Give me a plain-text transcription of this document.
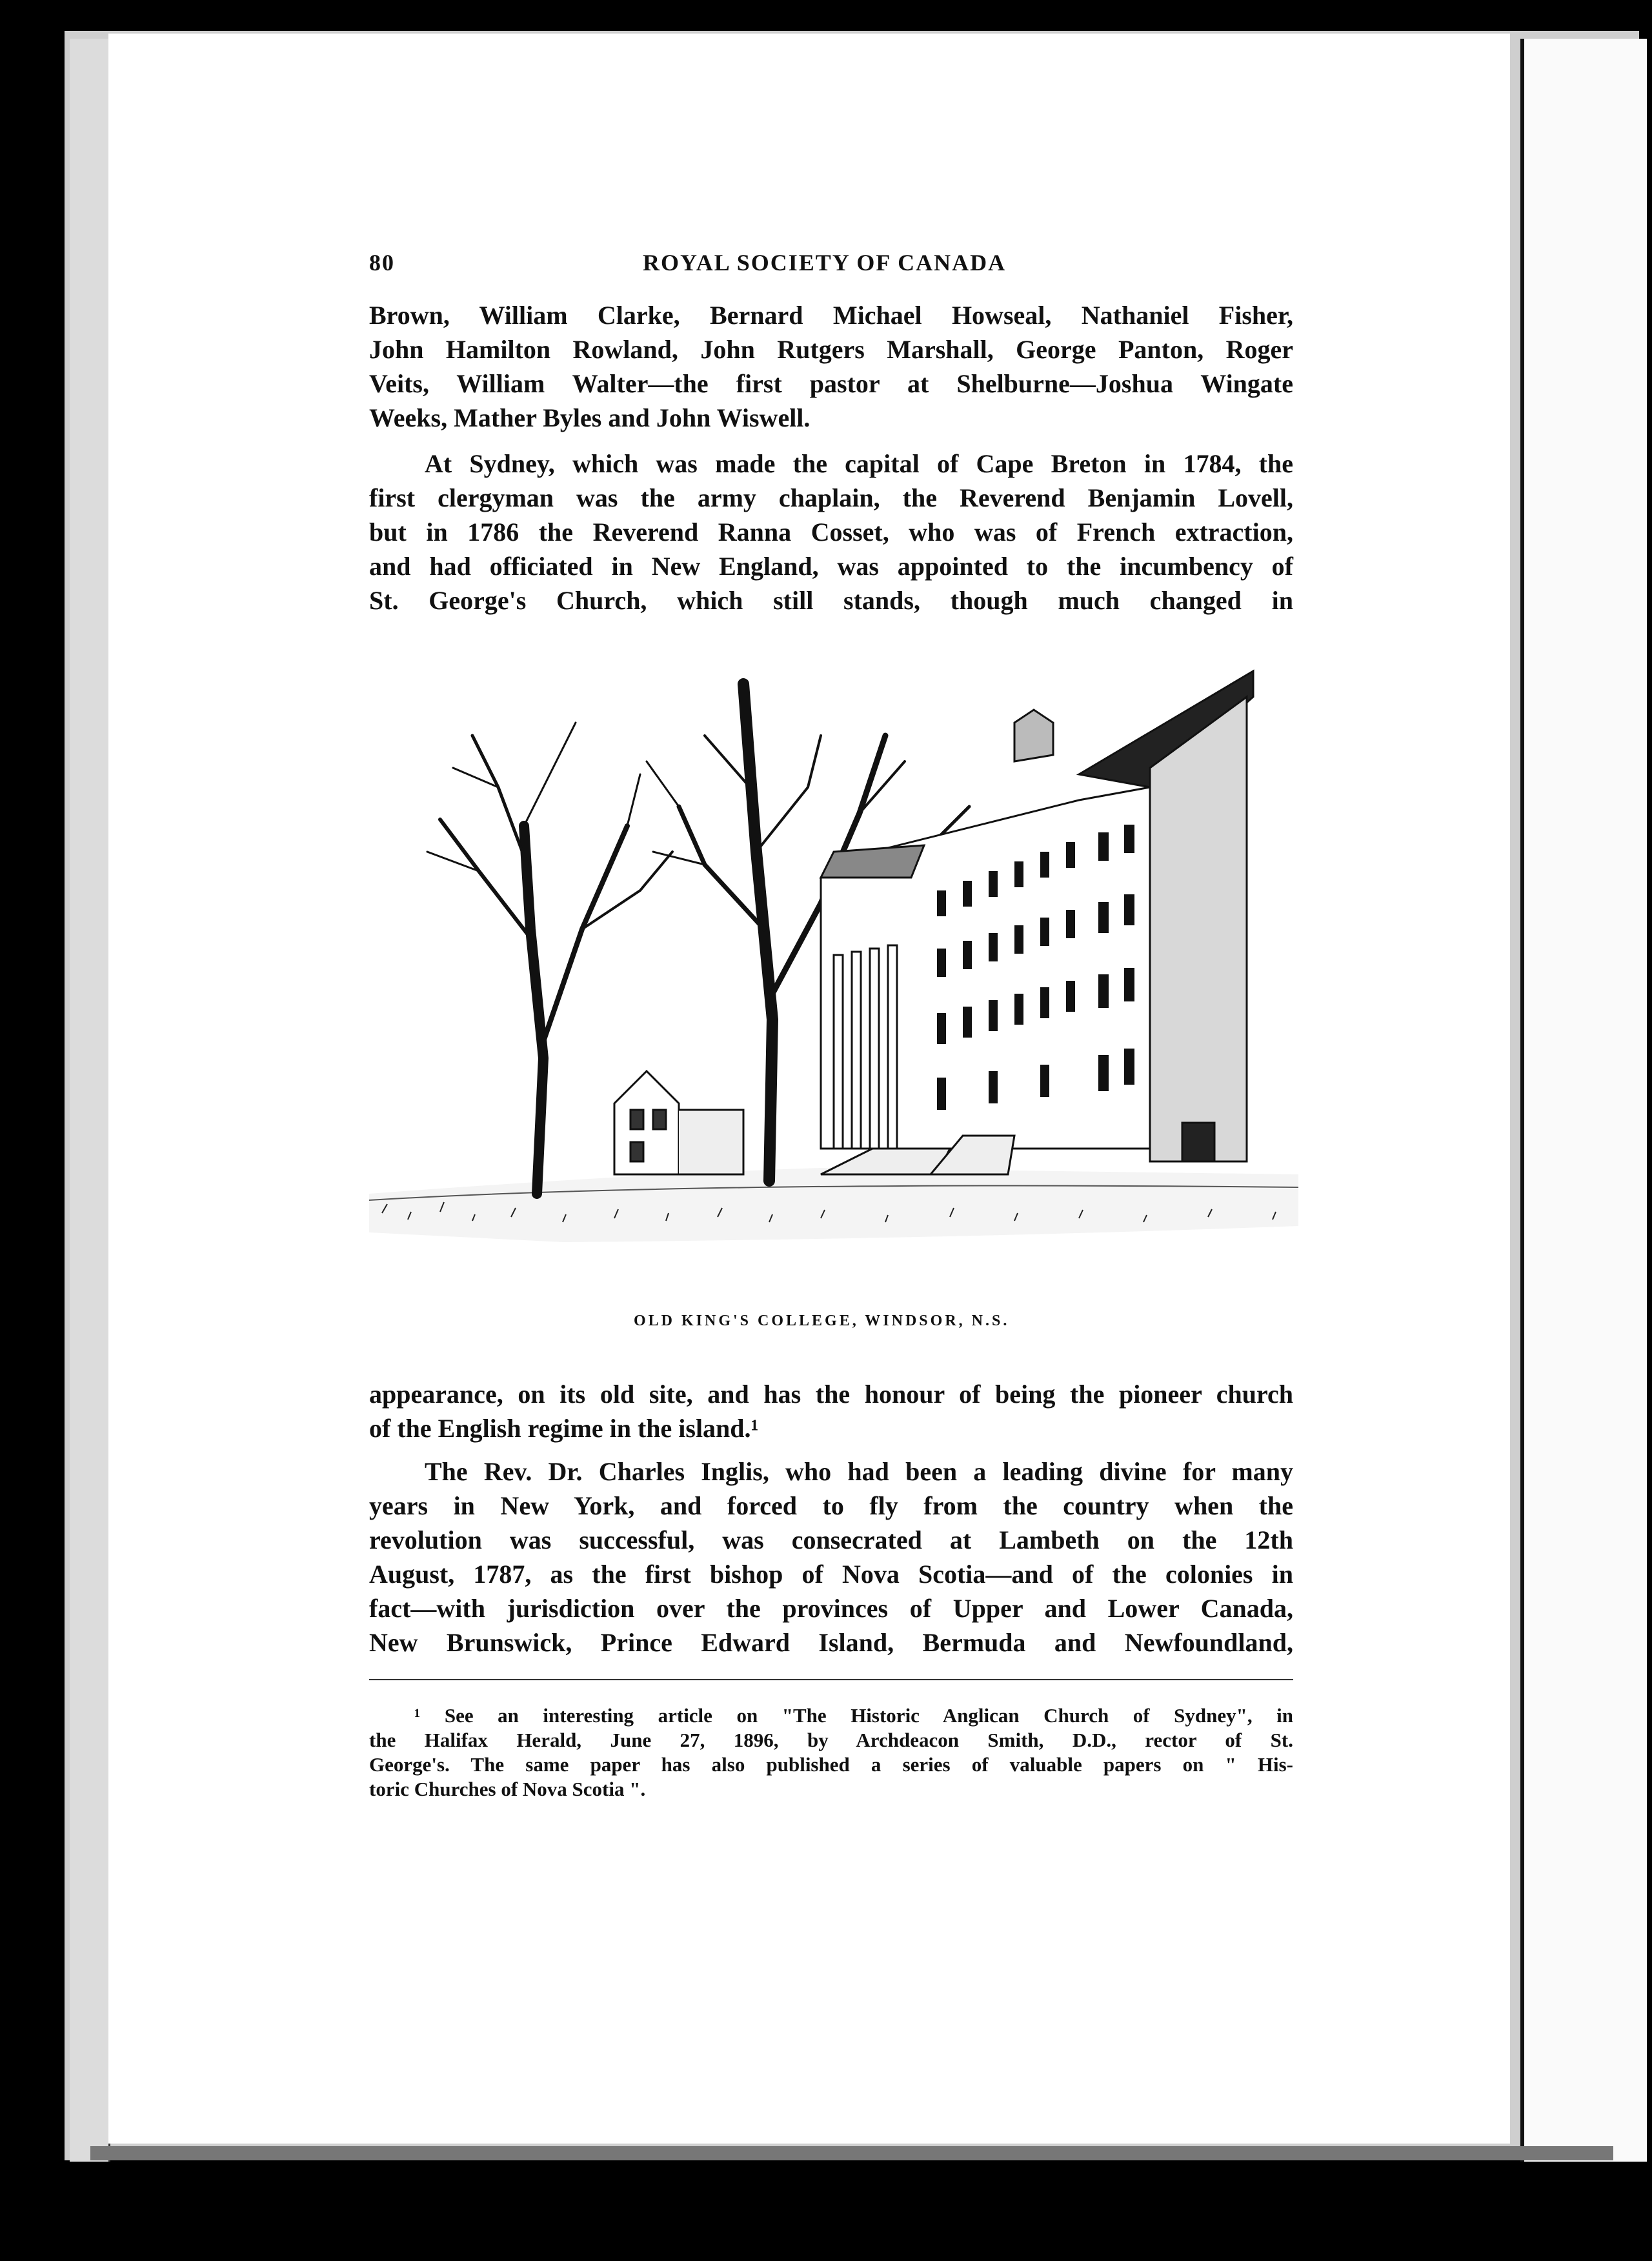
80	ROYAL SOCIETY OF CANADA
Brown, William Clarke, Bernard Michael Howseal, Nathaniel Fisher,
John Hamilton Rowland, John Rutgers Marshall, George Panton, Roger
Veits, William Walter—the first pastor at Shelburne—Joshua Wingate
Weeks, Mather Byles and John Wiswell.
At Sydney, which was made the capital of Cape Breton in 1784, the
first clergyman was the army chaplain, the Reverend Benjamin Lovell,
but in 1786 the Reverend Ranna Cosset, who was of French extraction,
and had officiated in New England, was appointed to the incumbency of
St. George's Church, which still stands, though much changed in
OLD KING'S COLLEGE, WINDSOR, N.S.
appearance, on its old site, and has the honour of being the pioneer church
of the English regime in the island.¹
The Rev. Dr. Charles Inglis, who had been a leading divine for many
years in New York, and forced to fly from the country when the
revolution was successful, was consecrated at Lambeth on the 12th
August, 1787, as the first bishop of Nova Scotia—and of the colonies in
fact—with jurisdiction over the provinces of Upper and Lower Canada,
New Brunswick, Prince Edward Island, Bermuda and Newfoundland,
¹ See an interesting article on "The Historic Anglican Church of Sydney", in
the Halifax Herald, June 27, 1896, by Archdeacon Smith, D.D., rector of St.
George's. The same paper has also published a series of valuable papers on " His-
toric Churches of Nova Scotia ".
